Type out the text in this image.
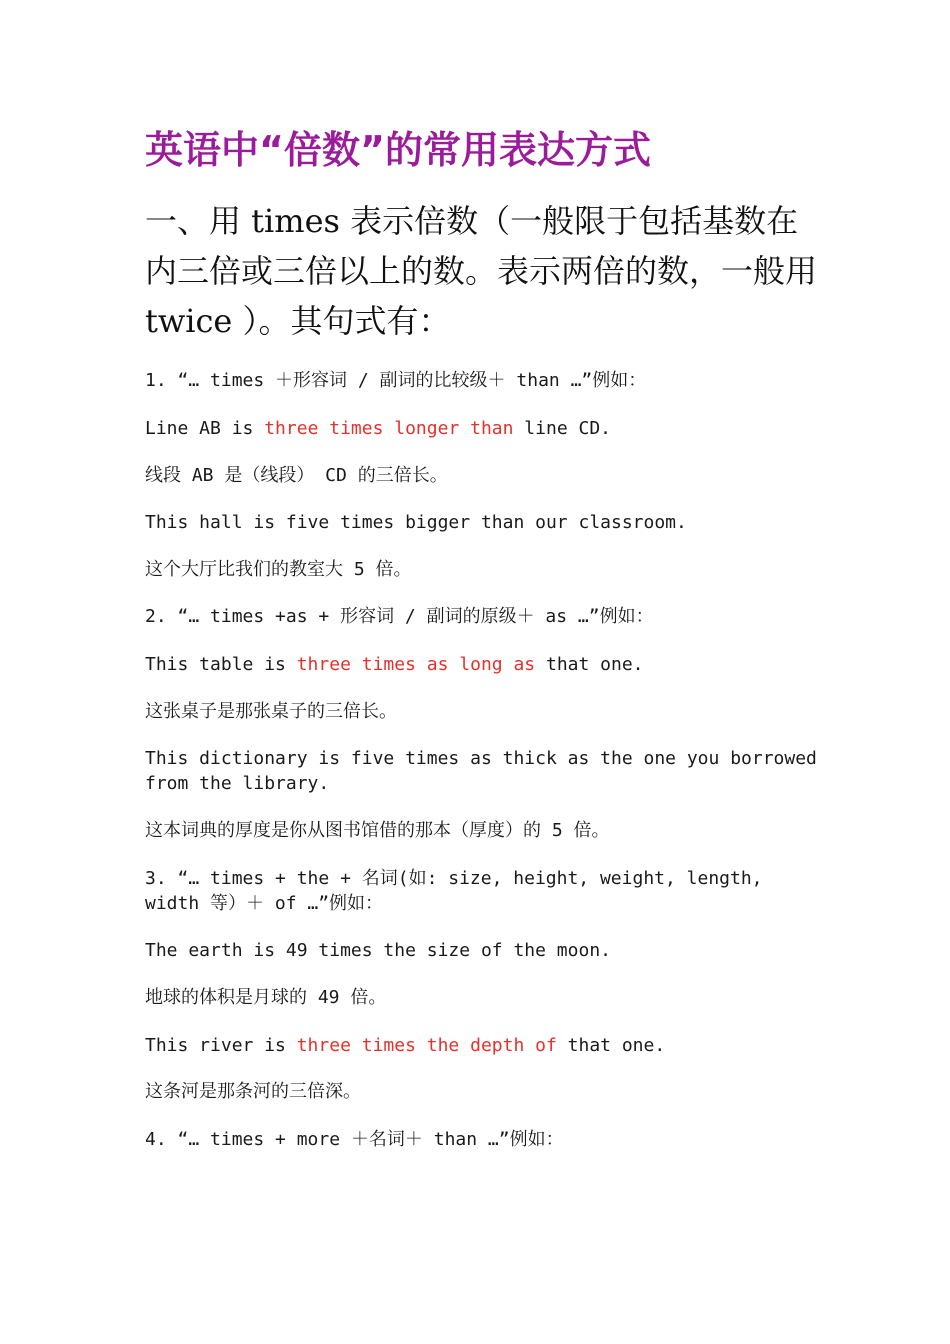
英语中“倍数”的常用表达方式
一、用 times 表示倍数（一般限于包括基数在内三倍或三倍以上的数。表示两倍的数，一般用 twice ）。其句式有：

1. “… times ＋形容词 / 副词的比较级＋ than …”例如：

Line AB is three times longer than line CD.

线段 AB 是（线段） CD 的三倍长。

This hall is five times bigger than our classroom.

这个大厅比我们的教室大 5 倍。

2. “… times +as + 形容词 / 副词的原级＋ as …”例如：

This table is three times as long as that one.

这张桌子是那张桌子的三倍长。

This dictionary is five times as thick as the one you borrowed from the library.

这本词典的厚度是你从图书馆借的那本（厚度）的 5 倍。

3. “… times + the + 名词(如: size, height, weight, length,  width 等）＋ of …”例如：

The earth is 49 times the size of the moon.

地球的体积是月球的 49 倍。

This river is three times the depth of that one.

这条河是那条河的三倍深。

4. “… times + more ＋名词＋ than …”例如：
